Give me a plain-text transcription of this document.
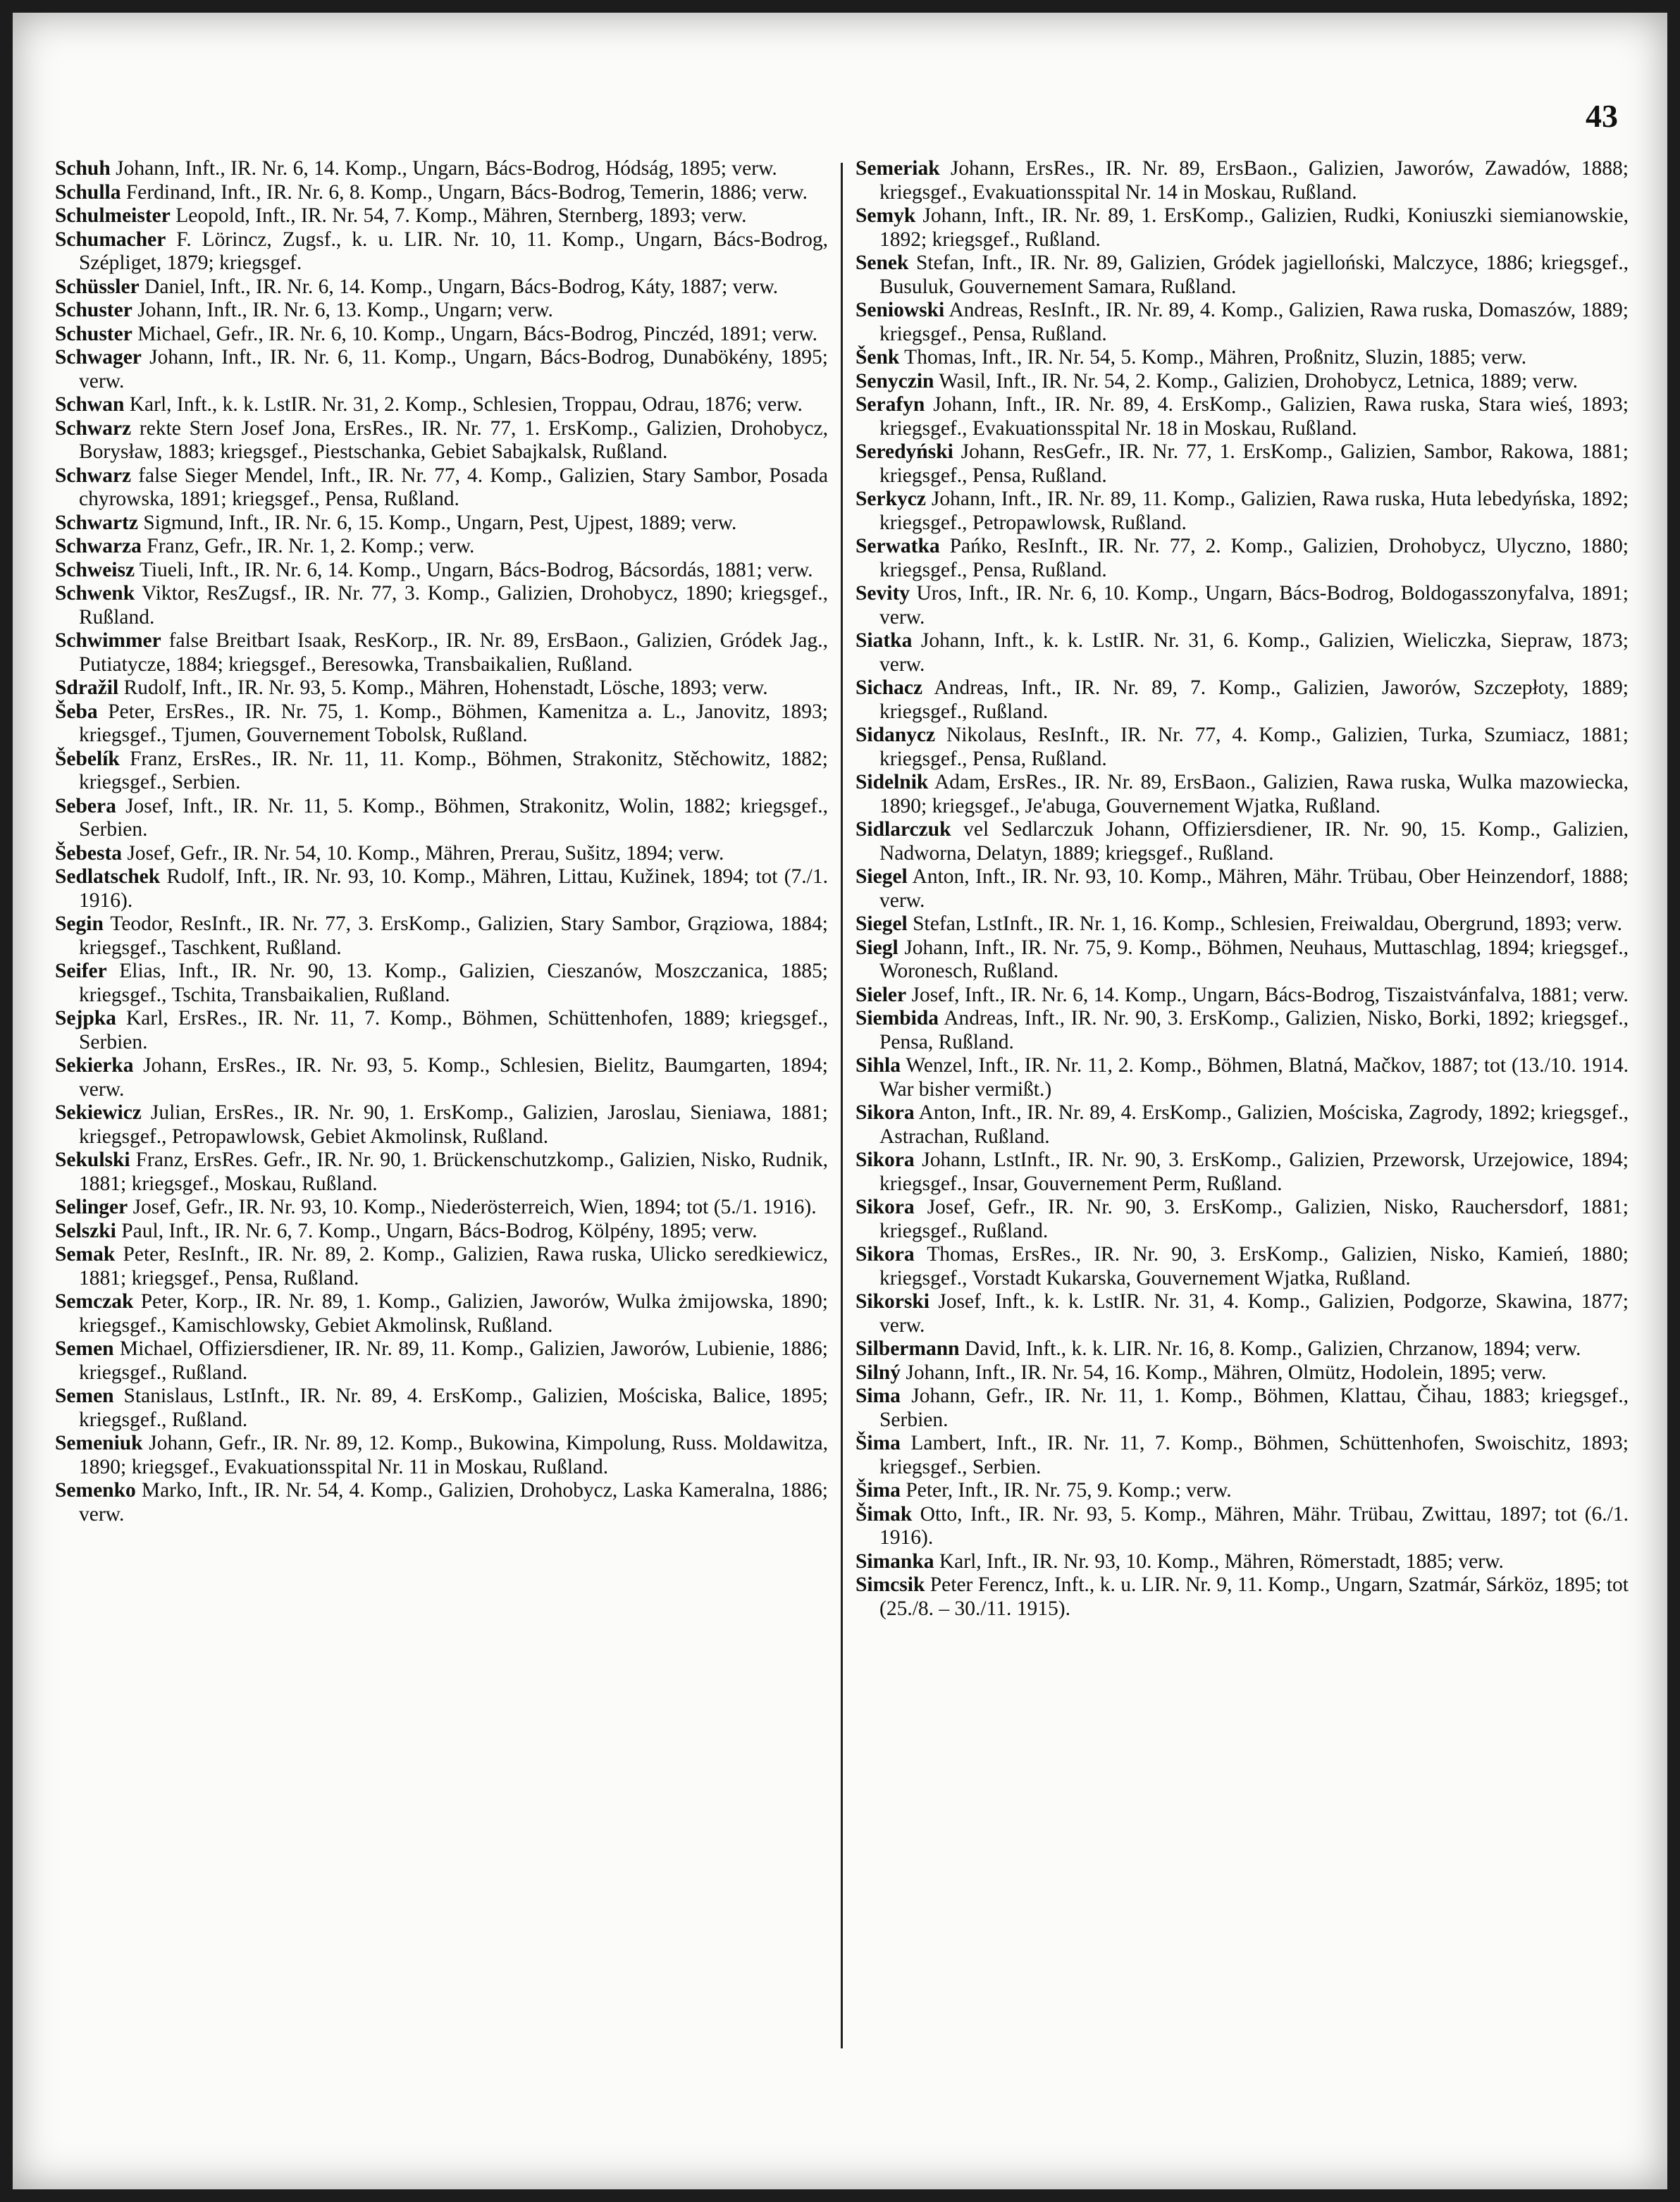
43

Schuh Johann, Inft., IR. Nr. 6, 14. Komp., Ungarn, Bács-Bodrog, Hódság, 1895; verw.

Schulla Ferdinand, Inft., IR. Nr. 6, 8. Komp., Ungarn, Bács-Bodrog, Temerin, 1886; verw.

Schulmeister Leopold, Inft., IR. Nr. 54, 7. Komp., Mähren, Sternberg, 1893; verw.

Schumacher F. Lörincz, Zugsf., k. u. LIR. Nr. 10, 11. Komp., Ungarn, Bács-Bodrog, Szépliget, 1879; kriegsgef.

Schüssler Daniel, Inft., IR. Nr. 6, 14. Komp., Ungarn, Bács-Bodrog, Káty, 1887; verw.

Schuster Johann, Inft., IR. Nr. 6, 13. Komp., Ungarn; verw.

Schuster Michael, Gefr., IR. Nr. 6, 10. Komp., Ungarn, Bács-Bodrog, Pinczéd, 1891; verw.

Schwager Johann, Inft., IR. Nr. 6, 11. Komp., Ungarn, Bács-Bodrog, Dunabökény, 1895; verw.

Schwan Karl, Inft., k. k. LstIR. Nr. 31, 2. Komp., Schlesien, Troppau, Odrau, 1876; verw.

Schwarz rekte Stern Josef Jona, ErsRes., IR. Nr. 77, 1. ErsKomp., Galizien, Drohobycz, Borysław, 1883; kriegsgef., Piestschanka, Gebiet Sabajkalsk, Rußland.

Schwarz false Sieger Mendel, Inft., IR. Nr. 77, 4. Komp., Galizien, Stary Sambor, Posada chyrowska, 1891; kriegsgef., Pensa, Rußland.

Schwartz Sigmund, Inft., IR. Nr. 6, 15. Komp., Ungarn, Pest, Ujpest, 1889; verw.

Schwarza Franz, Gefr., IR. Nr. 1, 2. Komp.; verw.

Schweisz Tiueli, Inft., IR. Nr. 6, 14. Komp., Ungarn, Bács-Bodrog, Bácsordás, 1881; verw.

Schwenk Viktor, ResZugsf., IR. Nr. 77, 3. Komp., Galizien, Drohobycz, 1890; kriegsgef., Rußland.

Schwimmer false Breitbart Isaak, ResKorp., IR. Nr. 89, ErsBaon., Galizien, Gródek Jag., Putiatycze, 1884; kriegsgef., Beresowka, Transbaikalien, Rußland.

Sdražil Rudolf, Inft., IR. Nr. 93, 5. Komp., Mähren, Hohenstadt, Lösche, 1893; verw.

Šeba Peter, ErsRes., IR. Nr. 75, 1. Komp., Böhmen, Kamenitza a. L., Janovitz, 1893; kriegsgef., Tjumen, Gouvernement Tobolsk, Rußland.

Šebelík Franz, ErsRes., IR. Nr. 11, 11. Komp., Böhmen, Strakonitz, Stěchowitz, 1882; kriegsgef., Serbien.

Sebera Josef, Inft., IR. Nr. 11, 5. Komp., Böhmen, Strakonitz, Wolin, 1882; kriegsgef., Serbien.

Šebesta Josef, Gefr., IR. Nr. 54, 10. Komp., Mähren, Prerau, Sušitz, 1894; verw.

Sedlatschek Rudolf, Inft., IR. Nr. 93, 10. Komp., Mähren, Littau, Kužinek, 1894; tot (7./1. 1916).

Segin Teodor, ResInft., IR. Nr. 77, 3. ErsKomp., Galizien, Stary Sambor, Grąziowa, 1884; kriegsgef., Taschkent, Rußland.

Seifer Elias, Inft., IR. Nr. 90, 13. Komp., Galizien, Cieszanów, Moszczanica, 1885; kriegsgef., Tschita, Transbaikalien, Rußland.

Sejpka Karl, ErsRes., IR. Nr. 11, 7. Komp., Böhmen, Schüttenhofen, 1889; kriegsgef., Serbien.

Sekierka Johann, ErsRes., IR. Nr. 93, 5. Komp., Schlesien, Bielitz, Baumgarten, 1894; verw.

Sekiewicz Julian, ErsRes., IR. Nr. 90, 1. ErsKomp., Galizien, Jaroslau, Sieniawa, 1881; kriegsgef., Petropawlowsk, Gebiet Akmolinsk, Rußland.

Sekulski Franz, ErsRes. Gefr., IR. Nr. 90, 1. Brückenschutzkomp., Galizien, Nisko, Rudnik, 1881; kriegsgef., Moskau, Rußland.

Selinger Josef, Gefr., IR. Nr. 93, 10. Komp., Niederösterreich, Wien, 1894; tot (5./1. 1916).

Selszki Paul, Inft., IR. Nr. 6, 7. Komp., Ungarn, Bács-Bodrog, Kölpény, 1895; verw.

Semak Peter, ResInft., IR. Nr. 89, 2. Komp., Galizien, Rawa ruska, Ulicko seredkiewicz, 1881; kriegsgef., Pensa, Rußland.

Semczak Peter, Korp., IR. Nr. 89, 1. Komp., Galizien, Jaworów, Wulka żmijowska, 1890; kriegsgef., Kamischlowsky, Gebiet Akmolinsk, Rußland.

Semen Michael, Offiziersdiener, IR. Nr. 89, 11. Komp., Galizien, Jaworów, Lubienie, 1886; kriegsgef., Rußland.

Semen Stanislaus, LstInft., IR. Nr. 89, 4. ErsKomp., Galizien, Mościska, Balice, 1895; kriegsgef., Rußland.

Semeniuk Johann, Gefr., IR. Nr. 89, 12. Komp., Bukowina, Kimpolung, Russ. Moldawitza, 1890; kriegsgef., Evakuationsspital Nr. 11 in Moskau, Rußland.

Semenko Marko, Inft., IR. Nr. 54, 4. Komp., Galizien, Drohobycz, Laska Kameralna, 1886; verw.

Semeriak Johann, ErsRes., IR. Nr. 89, ErsBaon., Galizien, Jaworów, Zawadów, 1888; kriegsgef., Evakuationsspital Nr. 14 in Moskau, Rußland.

Semyk Johann, Inft., IR. Nr. 89, 1. ErsKomp., Galizien, Rudki, Koniuszki siemianowskie, 1892; kriegsgef., Rußland.

Senek Stefan, Inft., IR. Nr. 89, Galizien, Gródek jagielloński, Malczyce, 1886; kriegsgef., Busuluk, Gouvernement Samara, Rußland.

Seniowski Andreas, ResInft., IR. Nr. 89, 4. Komp., Galizien, Rawa ruska, Domaszów, 1889; kriegsgef., Pensa, Rußland.

Šenk Thomas, Inft., IR. Nr. 54, 5. Komp., Mähren, Proßnitz, Sluzin, 1885; verw.

Senyczin Wasil, Inft., IR. Nr. 54, 2. Komp., Galizien, Drohobycz, Letnica, 1889; verw.

Serafyn Johann, Inft., IR. Nr. 89, 4. ErsKomp., Galizien, Rawa ruska, Stara wieś, 1893; kriegsgef., Evakuationsspital Nr. 18 in Moskau, Rußland.

Seredyński Johann, ResGefr., IR. Nr. 77, 1. ErsKomp., Galizien, Sambor, Rakowa, 1881; kriegsgef., Pensa, Rußland.

Serkycz Johann, Inft., IR. Nr. 89, 11. Komp., Galizien, Rawa ruska, Huta lebedyńska, 1892; kriegsgef., Petropawlowsk, Rußland.

Serwatka Pańko, ResInft., IR. Nr. 77, 2. Komp., Galizien, Drohobycz, Ulyczno, 1880; kriegsgef., Pensa, Rußland.

Sevity Uros, Inft., IR. Nr. 6, 10. Komp., Ungarn, Bács-Bodrog, Boldogasszonyfalva, 1891; verw.

Siatka Johann, Inft., k. k. LstIR. Nr. 31, 6. Komp., Galizien, Wieliczka, Siepraw, 1873; verw.

Sichacz Andreas, Inft., IR. Nr. 89, 7. Komp., Galizien, Jaworów, Szczepłoty, 1889; kriegsgef., Rußland.

Sidanycz Nikolaus, ResInft., IR. Nr. 77, 4. Komp., Galizien, Turka, Szumiacz, 1881; kriegsgef., Pensa, Rußland.

Sidelnik Adam, ErsRes., IR. Nr. 89, ErsBaon., Galizien, Rawa ruska, Wulka mazowiecka, 1890; kriegsgef., Je'abuga, Gouvernement Wjatka, Rußland.

Sidlarczuk vel Sedlarczuk Johann, Offiziersdiener, IR. Nr. 90, 15. Komp., Galizien, Nadworna, Delatyn, 1889; kriegsgef., Rußland.

Siegel Anton, Inft., IR. Nr. 93, 10. Komp., Mähren, Mähr. Trübau, Ober Heinzendorf, 1888; verw.

Siegel Stefan, LstInft., IR. Nr. 1, 16. Komp., Schlesien, Freiwaldau, Obergrund, 1893; verw.

Siegl Johann, Inft., IR. Nr. 75, 9. Komp., Böhmen, Neuhaus, Muttaschlag, 1894; kriegsgef., Woronesch, Rußland.

Sieler Josef, Inft., IR. Nr. 6, 14. Komp., Ungarn, Bács-Bodrog, Tiszaistvánfalva, 1881; verw.

Siembida Andreas, Inft., IR. Nr. 90, 3. ErsKomp., Galizien, Nisko, Borki, 1892; kriegsgef., Pensa, Rußland.

Sihla Wenzel, Inft., IR. Nr. 11, 2. Komp., Böhmen, Blatná, Mačkov, 1887; tot (13./10. 1914. War bisher vermißt.)

Sikora Anton, Inft., IR. Nr. 89, 4. ErsKomp., Galizien, Mościska, Zagrody, 1892; kriegsgef., Astrachan, Rußland.

Sikora Johann, LstInft., IR. Nr. 90, 3. ErsKomp., Galizien, Przeworsk, Urzejowice, 1894; kriegsgef., Insar, Gouvernement Perm, Rußland.

Sikora Josef, Gefr., IR. Nr. 90, 3. ErsKomp., Galizien, Nisko, Rauchersdorf, 1881; kriegsgef., Rußland.

Sikora Thomas, ErsRes., IR. Nr. 90, 3. ErsKomp., Galizien, Nisko, Kamień, 1880; kriegsgef., Vorstadt Kukarska, Gouvernement Wjatka, Rußland.

Sikorski Josef, Inft., k. k. LstIR. Nr. 31, 4. Komp., Galizien, Podgorze, Skawina, 1877; verw.

Silbermann David, Inft., k. k. LIR. Nr. 16, 8. Komp., Galizien, Chrzanow, 1894; verw.

Silný Johann, Inft., IR. Nr. 54, 16. Komp., Mähren, Olmütz, Hodolein, 1895; verw.

Sima Johann, Gefr., IR. Nr. 11, 1. Komp., Böhmen, Klattau, Čihau, 1883; kriegsgef., Serbien.

Šima Lambert, Inft., IR. Nr. 11, 7. Komp., Böhmen, Schüttenhofen, Swoischitz, 1893; kriegsgef., Serbien.

Šima Peter, Inft., IR. Nr. 75, 9. Komp.; verw.

Šimak Otto, Inft., IR. Nr. 93, 5. Komp., Mähren, Mähr. Trübau, Zwittau, 1897; tot (6./1. 1916).

Simanka Karl, Inft., IR. Nr. 93, 10. Komp., Mähren, Römerstadt, 1885; verw.

Simcsik Peter Ferencz, Inft., k. u. LIR. Nr. 9, 11. Komp., Ungarn, Szatmár, Sárköz, 1895; tot (25./8. – 30./11. 1915).
